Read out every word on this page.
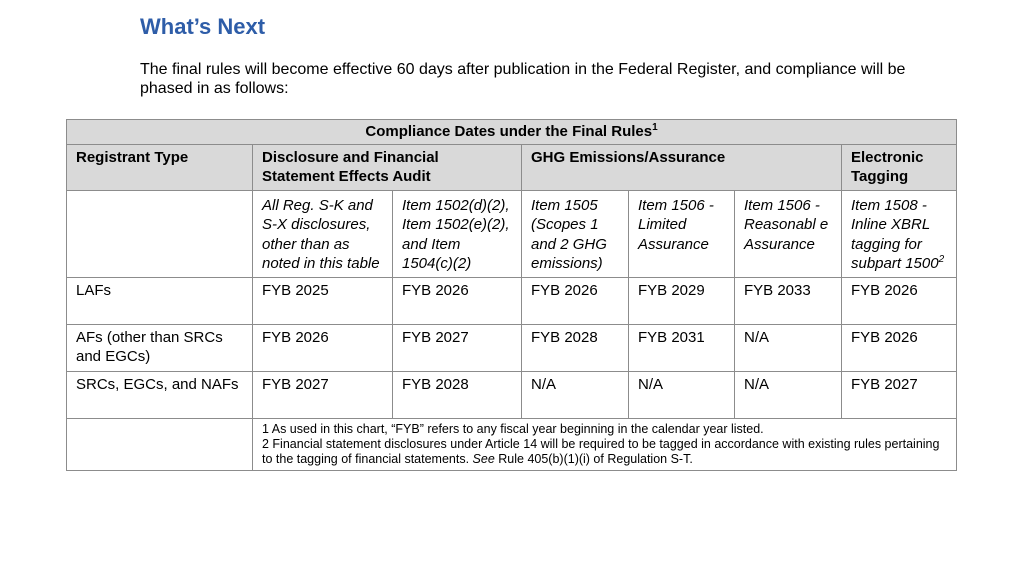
What’s Next

The final rules will become effective 60 days after publication in the Federal Register, and compliance will be phased in as follows:

Compliance Dates under the Final Rules$^1$
Registrant Type	Disclosure and Financial Statement Effects Audit		GHG Emissions/Assurance			Electronic Tagging
	All Reg. S-K and S-X disclosures, other than as noted in this table	Item 1502(d)(2), Item 1502(e)(2), and Item 1504(c)(2)	Item 1505 (Scopes 1 and 2 GHG emissions)	Item 1506 - Limited Assurance	Item 1506 - Reasonabl e Assurance	Item 1508 - Inline XBRL tagging for subpart 1500$^2$
LAFs	FYB 2025	FYB 2026	FYB 2026	FYB 2029	FYB 2033	FYB 2026
AFs (other than SRCs and EGCs)	FYB 2026	FYB 2027	FYB 2028	FYB 2031	N/A	FYB 2026
SRCs, EGCs, and NAFs	FYB 2027	FYB 2028	N/A	N/A	N/A	FYB 2027

	1 As used in this chart, “FYB” refers to any fiscal year beginning in the calendar year listed.
2 Financial statement disclosures under Article 14 will be required to be tagged in accordance with existing rules pertaining to the tagging of financial statements. See Rule 405(b)(1)(i) of Regulation S-T.					
